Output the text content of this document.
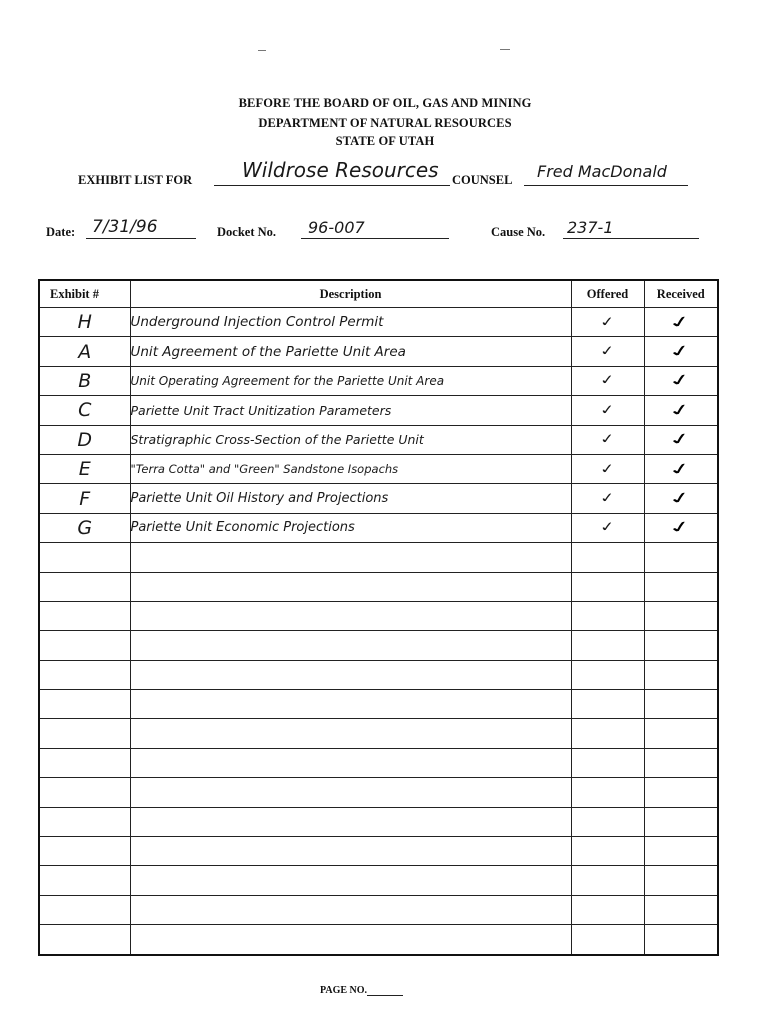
BEFORE THE BOARD OF OIL, GAS AND MINING
DEPARTMENT OF NATURAL RESOURCES
STATE OF UTAH
EXHIBIT LIST FOR Wildrose Resources COUNSEL Fred MacDonald
Date: 7/31/96	Docket No. 96-007	Cause No. 237-1
Exhibit #	Description	Offered	Received
H	Underground Injection Control Permit	✓	✓
A	Unit Agreement of the Pariette Unit Area	✓	✓
B	Unit Operating Agreement for the Pariette Unit Area	✓	✓
C	Pariette Unit Tract Unitization Parameters	✓	✓
D	Stratigraphic Cross-Section of the Pariette Unit	✓	✓
E	"Terra Cotta" and "Green" Sandstone Isopachs	✓	✓
F	Pariette Unit Oil History and Projections	✓	✓
G	Pariette Unit Economic Projections	✓	✓

PAGE NO.
